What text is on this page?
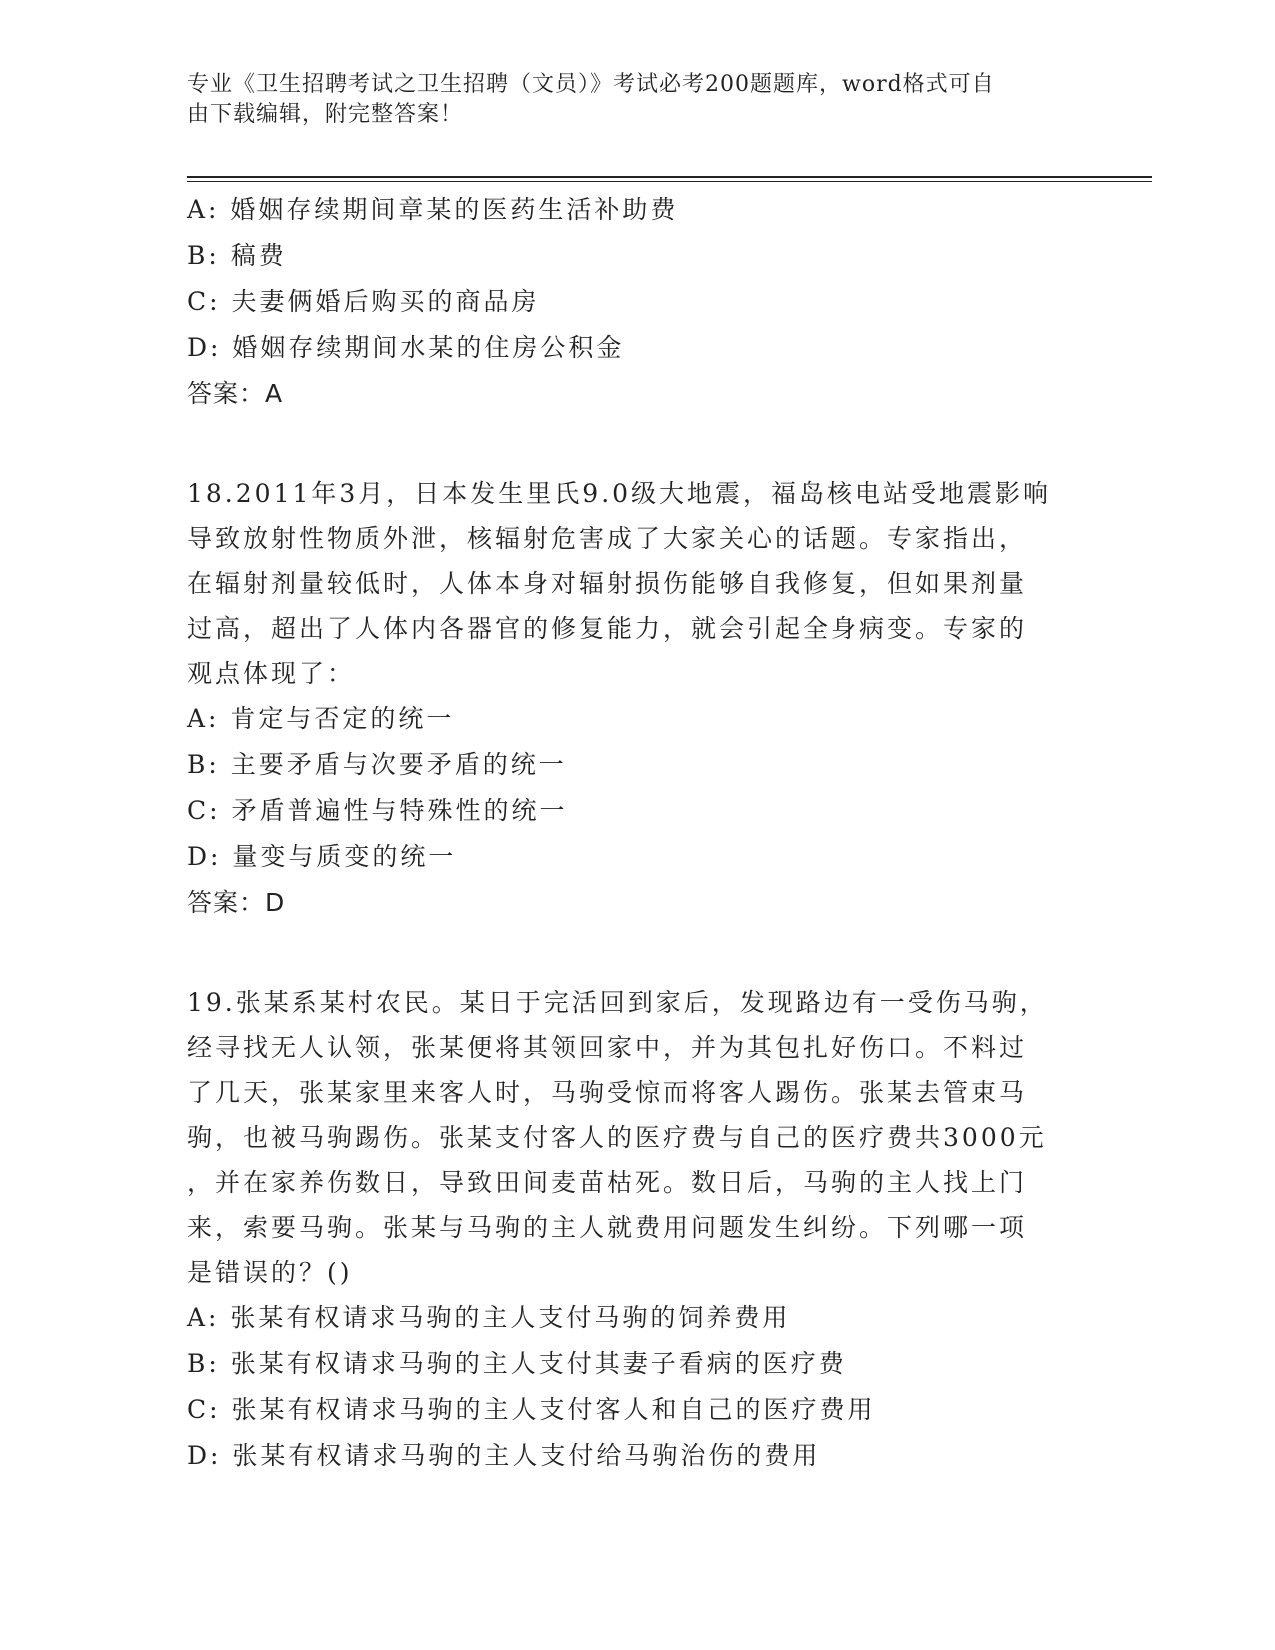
专业《卫生招聘考试之卫生招聘（文员）》考试必考200题题库，word格式可自
由下载编辑，附完整答案！
A: 婚姻存续期间章某的医药生活补助费
B: 稿费
C: 夫妻俩婚后购买的商品房
D: 婚姻存续期间水某的住房公积金
答案：A
18.2011年3月，日本发生里氏9.0级大地震，福岛核电站受地震影响
导致放射性物质外泄，核辐射危害成了大家关心的话题。专家指出，
在辐射剂量较低时，人体本身对辐射损伤能够自我修复，但如果剂量
过高，超出了人体内各器官的修复能力，就会引起全身病变。专家的
观点体现了：
A: 肯定与否定的统一
B: 主要矛盾与次要矛盾的统一
C: 矛盾普遍性与特殊性的统一
D: 量变与质变的统一
答案：D
19.张某系某村农民。某日于完活回到家后，发现路边有一受伤马驹，
经寻找无人认领，张某便将其领回家中，并为其包扎好伤口。不料过
了几天，张某家里来客人时，马驹受惊而将客人踢伤。张某去管束马
驹，也被马驹踢伤。张某支付客人的医疗费与自己的医疗费共3000元
，并在家养伤数日，导致田间麦苗枯死。数日后，马驹的主人找上门
来，索要马驹。张某与马驹的主人就费用问题发生纠纷。下列哪一项
是错误的？()
A: 张某有权请求马驹的主人支付马驹的饲养费用
B: 张某有权请求马驹的主人支付其妻子看病的医疗费
C: 张某有权请求马驹的主人支付客人和自己的医疗费用
D: 张某有权请求马驹的主人支付给马驹治伤的费用
